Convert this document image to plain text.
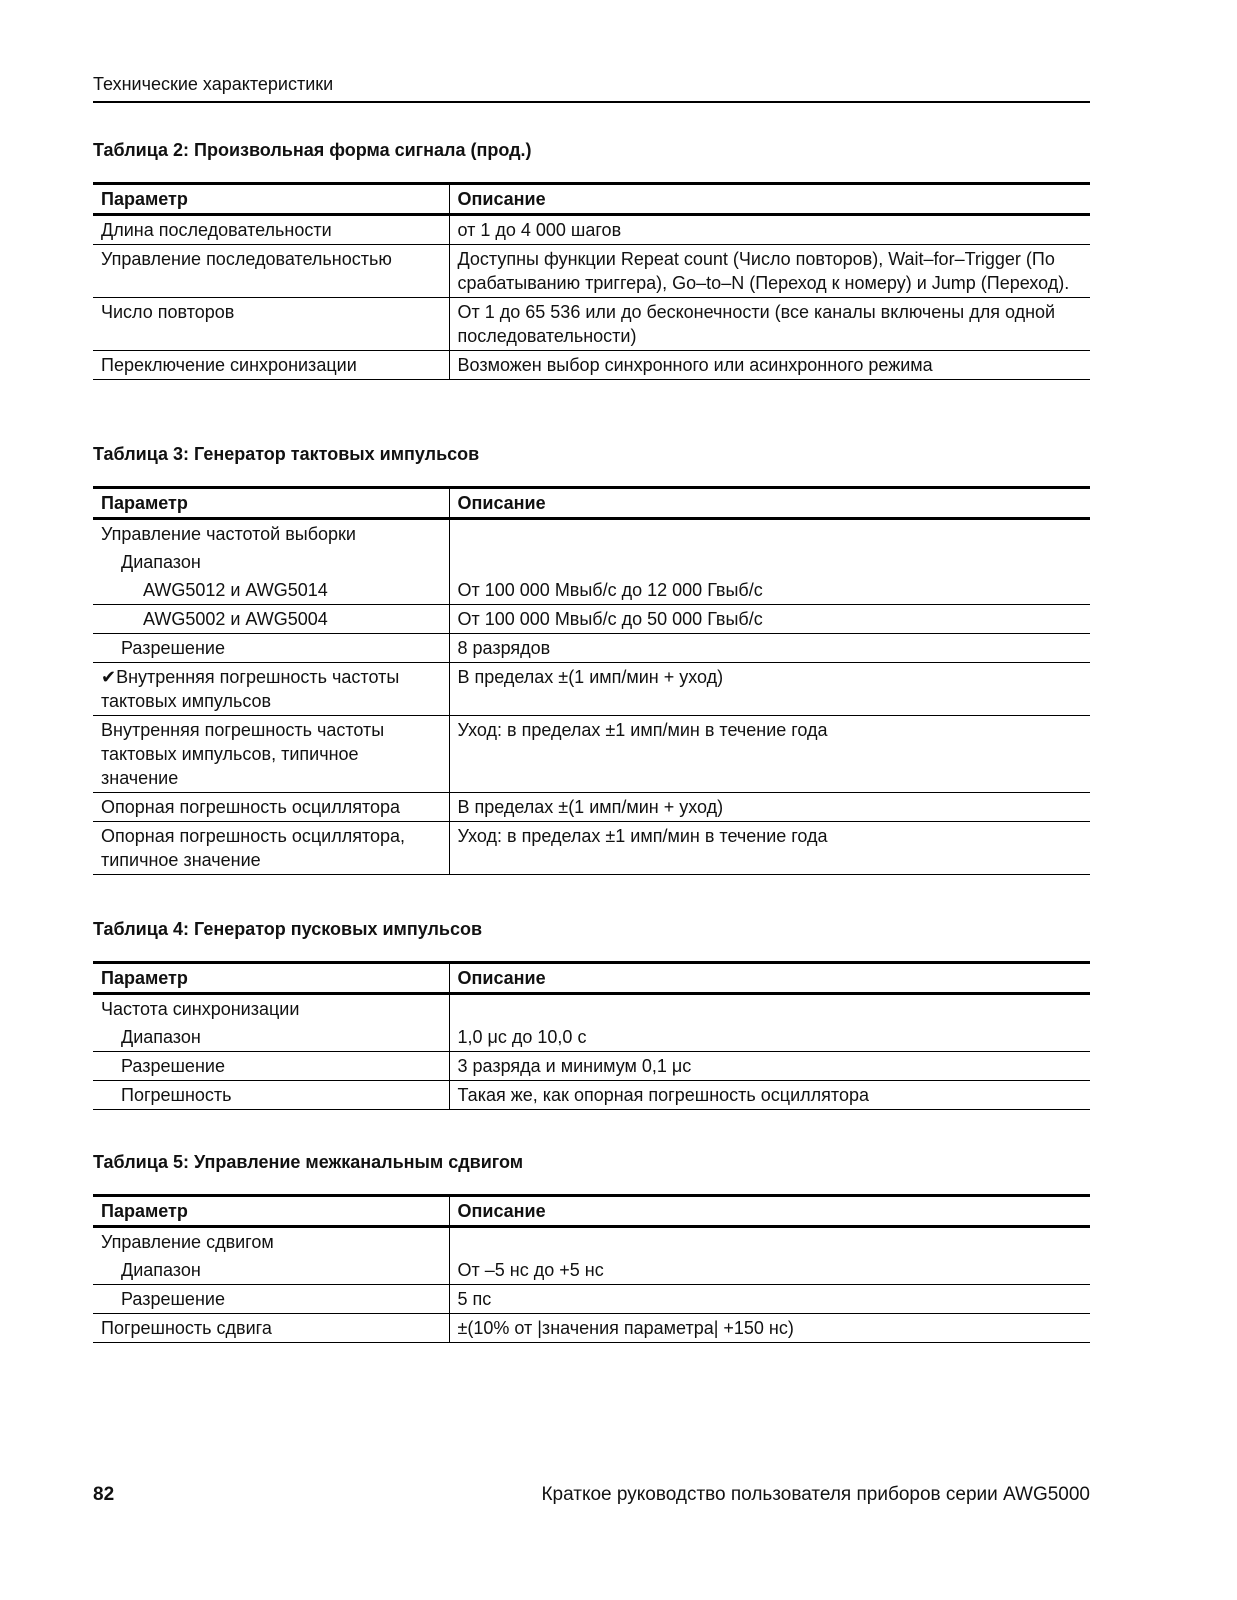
Технические характеристики
Таблица 2: Произвольная форма сигнала (прод.)
Параметр	Описание
Длина последовательности	от 1 до 4 000 шагов
Управление последовательностью	Доступны функции Repeat count (Число повторов), Wait–for–Trigger (По срабатыванию триггера), Go–to–N (Переход к номеру) и Jump (Переход).
Число повторов	От 1 до 65 536 или до бесконечности (все каналы включены для одной последовательности)
Переключение синхронизации	Возможен выбор синхронного или асинхронного режима
Таблица 3: Генератор тактовых импульсов
Параметр	Описание
Управление частотой выборки	
Диапазон	
AWG5012 и AWG5014	От 100 000 Мвыб/с до 12 000 Гвыб/с
AWG5002 и AWG5004	От 100 000 Мвыб/с до 50 000 Гвыб/с
Разрешение	8 разрядов
✔Внутренняя погрешность частоты тактовых импульсов	В пределах ±(1 имп/мин + уход)
Внутренняя погрешность частоты тактовых импульсов, типичное значение	Уход: в пределах ±1 имп/мин в течение года
Опорная погрешность осциллятора	В пределах ±(1 имп/мин + уход)
Опорная погрешность осциллятора, типичное значение	Уход: в пределах ±1 имп/мин в течение года
Таблица 4: Генератор пусковых импульсов
Параметр	Описание
Частота синхронизации	
Диапазон	1,0 μс до 10,0 с
Разрешение	3 разряда и минимум 0,1 μс
Погрешность	Такая же, как опорная погрешность осциллятора
Таблица 5: Управление межканальным сдвигом
Параметр	Описание
Управление сдвигом	
Диапазон	От –5 нс до +5 нс
Разрешение	5 пс
Погрешность сдвига	±(10% от |значения параметра| +150 нс)
82	Краткое руководство пользователя приборов серии AWG5000
